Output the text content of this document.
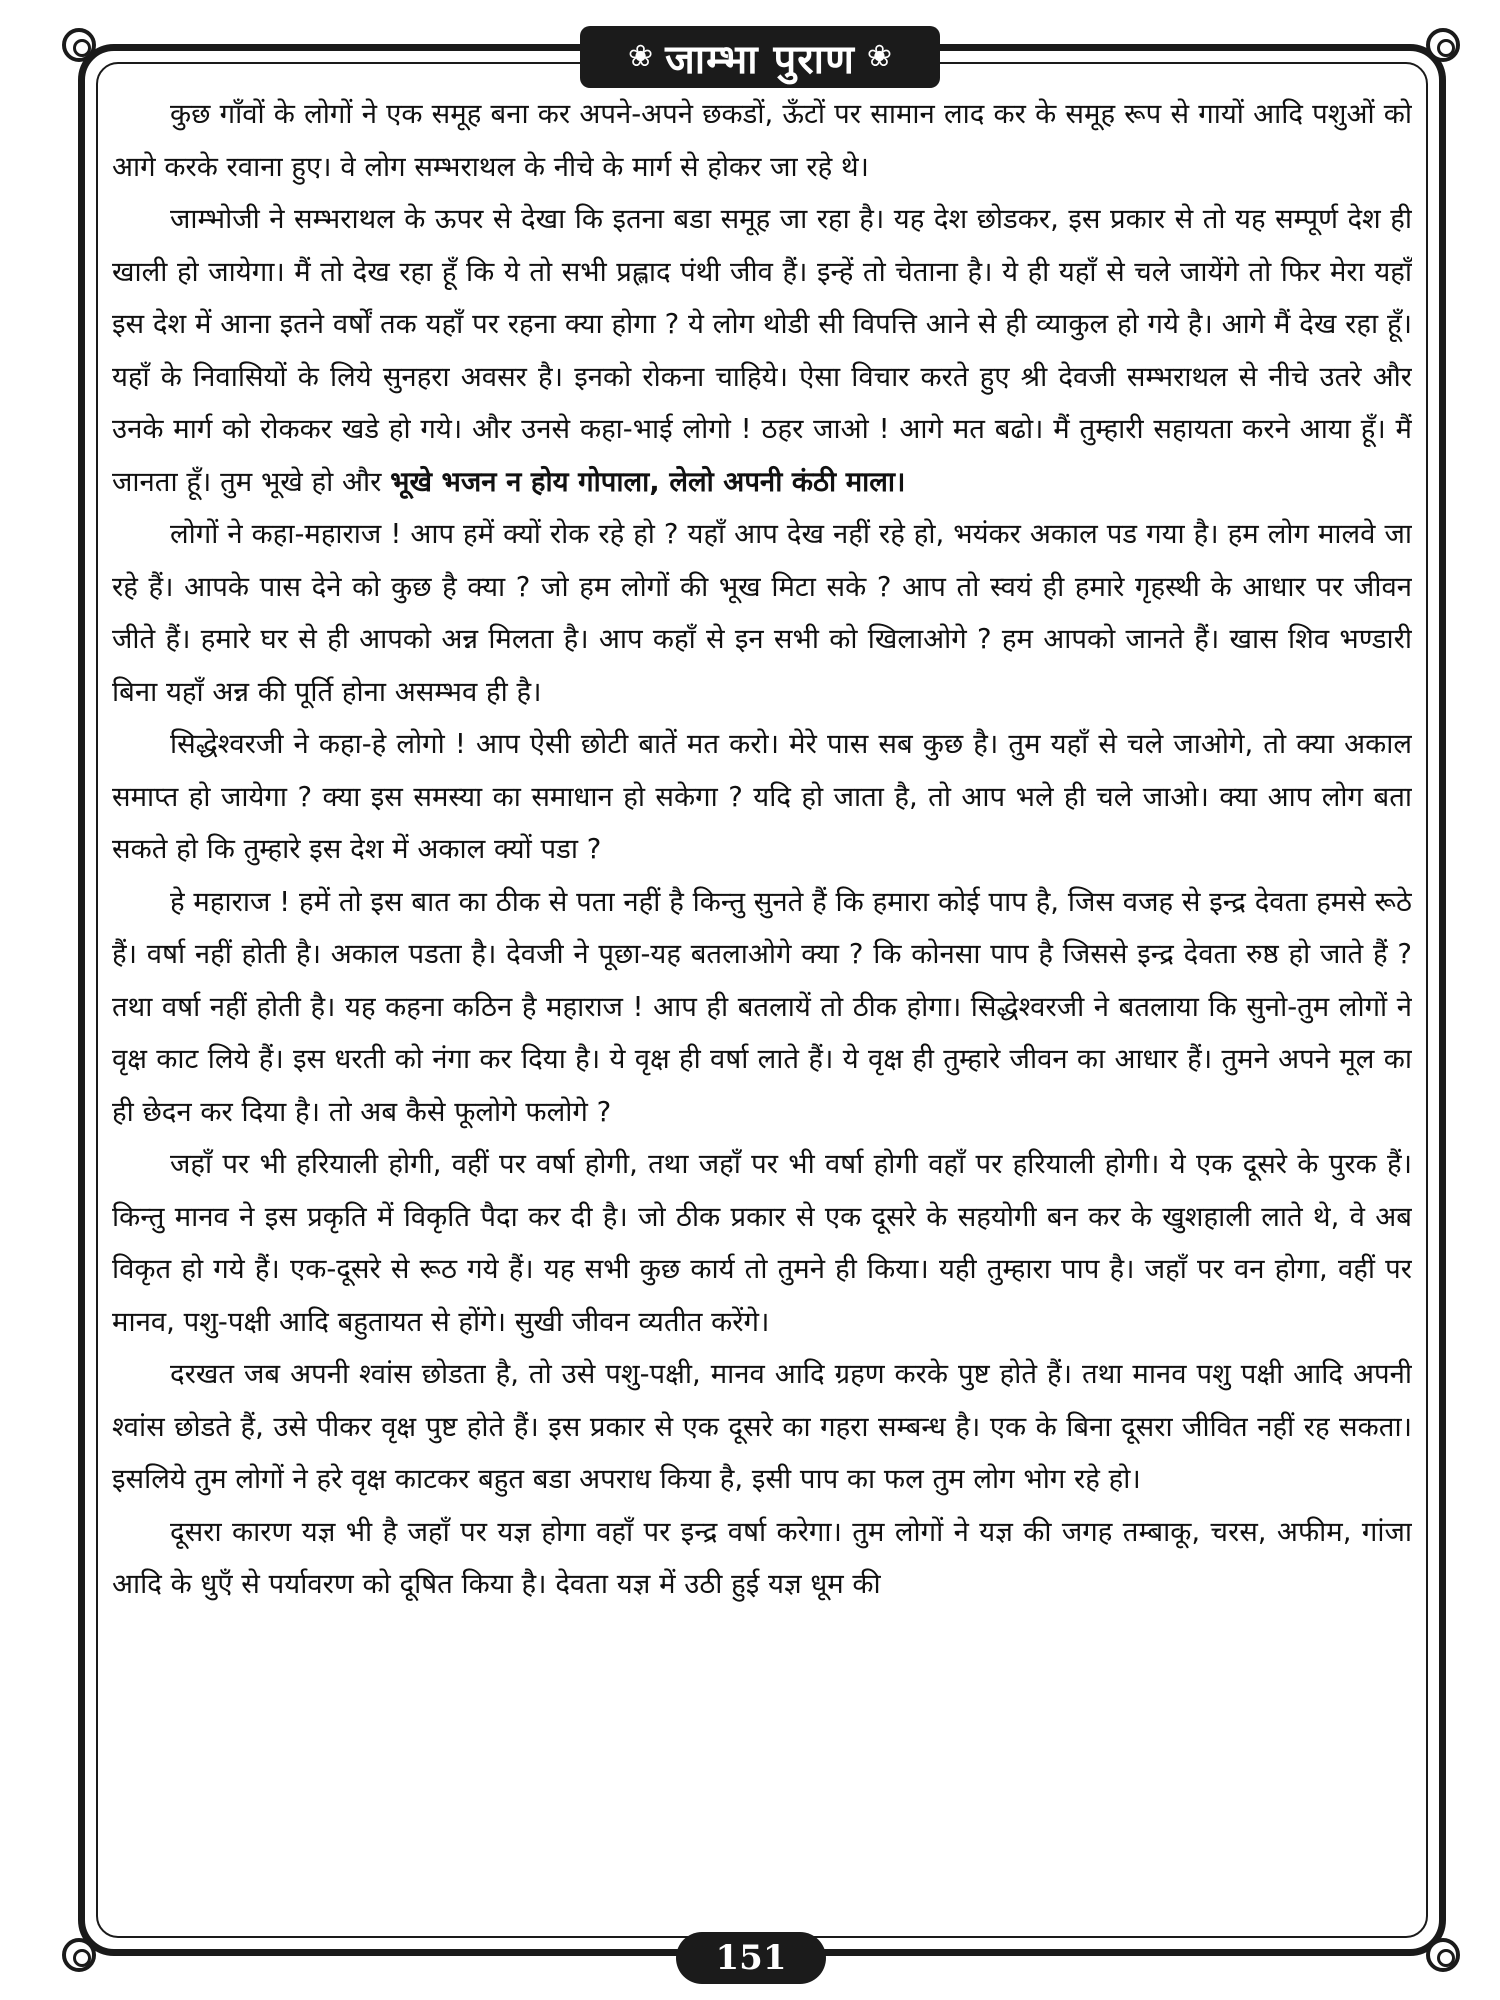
❀ जाम्भा पुराण ❀

कुछ गाँवों के लोगों ने एक समूह बना कर अपने-अपने छकडों, ऊँटों पर सामान लाद कर के समूह रूप से गायों आदि पशुओं को आगे करके रवाना हुए। वे लोग सम्भराथल के नीचे के मार्ग से होकर जा रहे थे।

जाम्भोजी ने सम्भराथल के ऊपर से देखा कि इतना बडा समूह जा रहा है। यह देश छोडकर, इस प्रकार से तो यह सम्पूर्ण देश ही खाली हो जायेगा। मैं तो देख रहा हूँ कि ये तो सभी प्रह्लाद पंथी जीव हैं। इन्हें तो चेताना है। ये ही यहाँ से चले जायेंगे तो फिर मेरा यहाँ इस देश में आना इतने वर्षों तक यहाँ पर रहना क्या होगा ? ये लोग थोडी सी विपत्ति आने से ही व्याकुल हो गये है। आगे मैं देख रहा हूँ। यहाँ के निवासियों के लिये सुनहरा अवसर है। इनको रोकना चाहिये। ऐसा विचार करते हुए श्री देवजी सम्भराथल से नीचे उतरे और उनके मार्ग को रोककर खडे हो गये। और उनसे कहा-भाई लोगो ! ठहर जाओ ! आगे मत बढो। मैं तुम्हारी सहायता करने आया हूँ। मैं जानता हूँ। तुम भूखे हो और भूखे भजन न होय गोपाला, लेलो अपनी कंठी माला।

लोगों ने कहा-महाराज ! आप हमें क्यों रोक रहे हो ? यहाँ आप देख नहीं रहे हो, भयंकर अकाल पड गया है। हम लोग मालवे जा रहे हैं। आपके पास देने को कुछ है क्या ? जो हम लोगों की भूख मिटा सके ? आप तो स्वयं ही हमारे गृहस्थी के आधार पर जीवन जीते हैं। हमारे घर से ही आपको अन्न मिलता है। आप कहाँ से इन सभी को खिलाओगे ? हम आपको जानते हैं। खास शिव भण्डारी बिना यहाँ अन्न की पूर्ति होना असम्भव ही है।

सिद्धेश्वरजी ने कहा-हे लोगो ! आप ऐसी छोटी बातें मत करो। मेरे पास सब कुछ है। तुम यहाँ से चले जाओगे, तो क्या अकाल समाप्त हो जायेगा ? क्या इस समस्या का समाधान हो सकेगा ? यदि हो जाता है, तो आप भले ही चले जाओ। क्या आप लोग बता सकते हो कि तुम्हारे इस देश में अकाल क्यों पडा ?

हे महाराज ! हमें तो इस बात का ठीक से पता नहीं है किन्तु सुनते हैं कि हमारा कोई पाप है, जिस वजह से इन्द्र देवता हमसे रूठे हैं। वर्षा नहीं होती है। अकाल पडता है। देवजी ने पूछा-यह बतलाओगे क्या ? कि कोनसा पाप है जिससे इन्द्र देवता रुष्ठ हो जाते हैं ? तथा वर्षा नहीं होती है। यह कहना कठिन है महाराज ! आप ही बतलायें तो ठीक होगा। सिद्धेश्वरजी ने बतलाया कि सुनो-तुम लोगों ने वृक्ष काट लिये हैं। इस धरती को नंगा कर दिया है। ये वृक्ष ही वर्षा लाते हैं। ये वृक्ष ही तुम्हारे जीवन का आधार हैं। तुमने अपने मूल का ही छेदन कर दिया है। तो अब कैसे फूलोगे फलोगे ?

जहाँ पर भी हरियाली होगी, वहीं पर वर्षा होगी, तथा जहाँ पर भी वर्षा होगी वहाँ पर हरियाली होगी। ये एक दूसरे के पुरक हैं। किन्तु मानव ने इस प्रकृति में विकृति पैदा कर दी है। जो ठीक प्रकार से एक दूसरे के सहयोगी बन कर के खुशहाली लाते थे, वे अब विकृत हो गये हैं। एक-दूसरे से रूठ गये हैं। यह सभी कुछ कार्य तो तुमने ही किया। यही तुम्हारा पाप है। जहाँ पर वन होगा, वहीं पर मानव, पशु-पक्षी आदि बहुतायत से होंगे। सुखी जीवन व्यतीत करेंगे।

दरखत जब अपनी श्वांस छोडता है, तो उसे पशु-पक्षी, मानव आदि ग्रहण करके पुष्ट होते हैं। तथा मानव पशु पक्षी आदि अपनी श्वांस छोडते हैं, उसे पीकर वृक्ष पुष्ट होते हैं। इस प्रकार से एक दूसरे का गहरा सम्बन्ध है। एक के बिना दूसरा जीवित नहीं रह सकता। इसलिये तुम लोगों ने हरे वृक्ष काटकर बहुत बडा अपराध किया है, इसी पाप का फल तुम लोग भोग रहे हो।

दूसरा कारण यज्ञ भी है जहाँ पर यज्ञ होगा वहाँ पर इन्द्र वर्षा करेगा। तुम लोगों ने यज्ञ की जगह तम्बाकू, चरस, अफीम, गांजा आदि के धुएँ से पर्यावरण को दूषित किया है। देवता यज्ञ में उठी हुई यज्ञ धूम की

151
